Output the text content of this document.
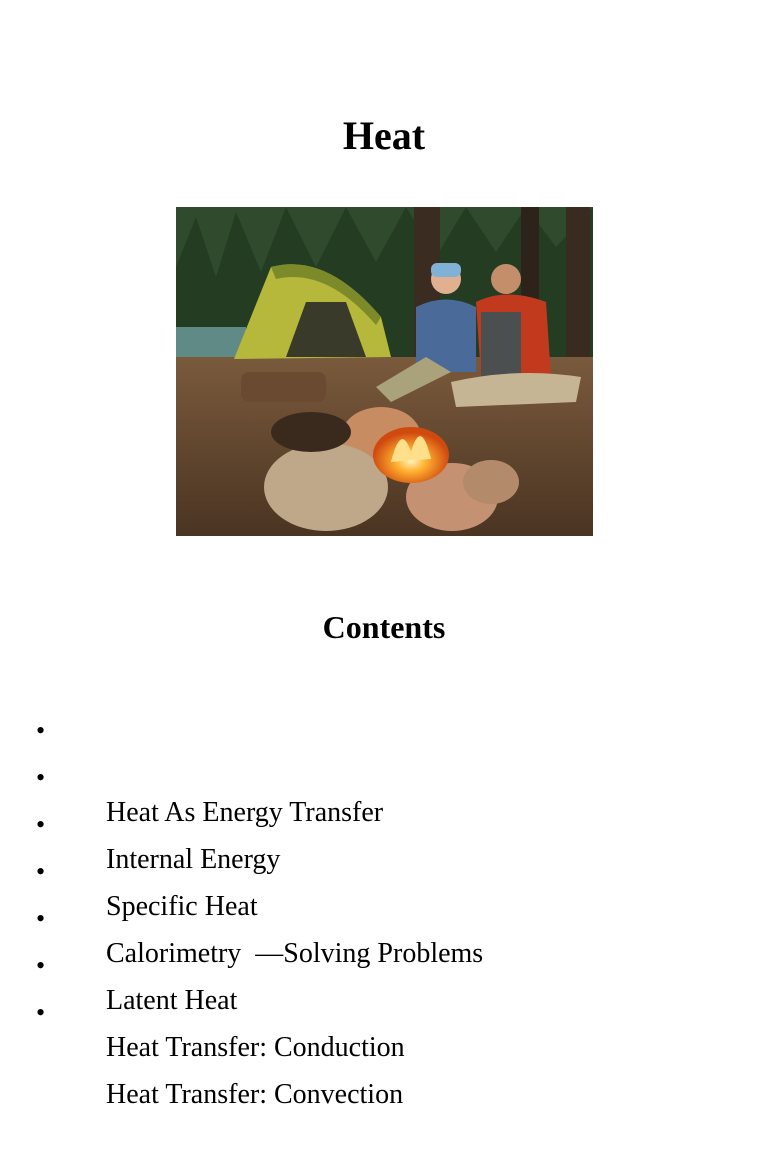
Heat
Contents

•

Heat As Energy Transfer

•

Internal Energy

•

Specific Heat

•

Calorimetry  —Solving Problems

•

Latent Heat

•

Heat Transfer: Conduction

•

Heat Transfer: Convection
